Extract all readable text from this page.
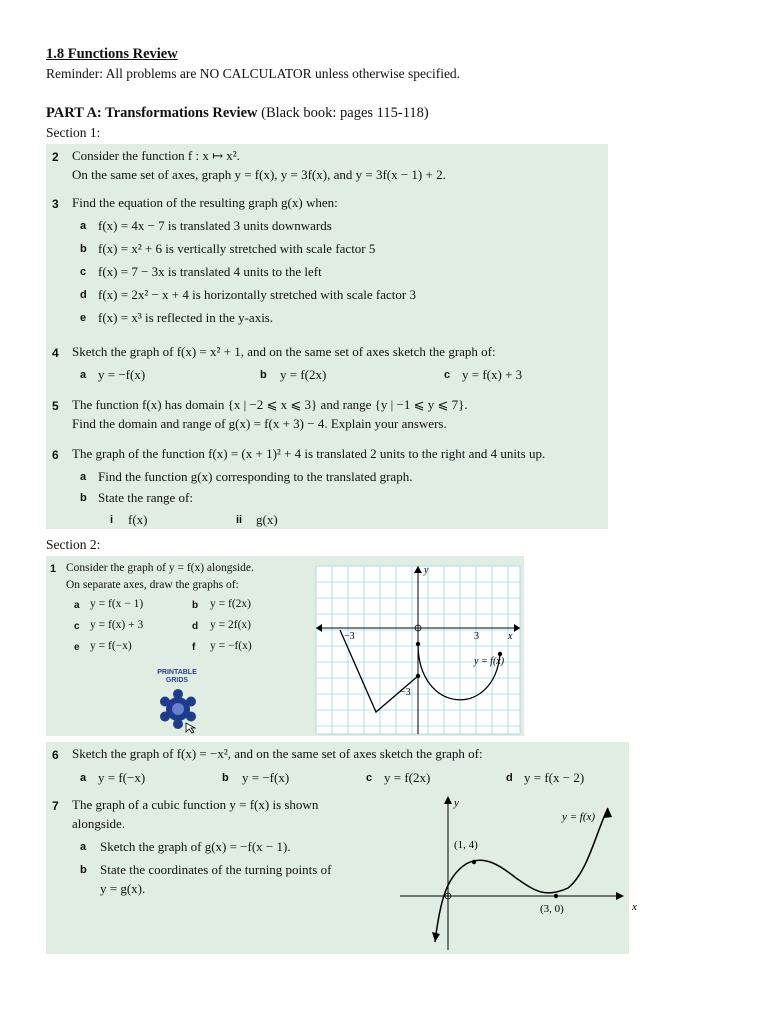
1.8 Functions Review
Reminder: All problems are NO CALCULATOR unless otherwise specified.
PART A: Transformations Review (Black book: pages 115-118)
Section 1:
2 Consider the function f : x ↦ x².
On the same set of axes, graph y = f(x), y = 3f(x), and y = 3f(x − 1) + 2.
3 Find the equation of the resulting graph g(x) when:
a f(x) = 4x − 7 is translated 3 units downwards
b f(x) = x² + 6 is vertically stretched with scale factor 5
c f(x) = 7 − 3x is translated 4 units to the left
d f(x) = 2x² − x + 4 is horizontally stretched with scale factor 3
e f(x) = x³ is reflected in the y-axis.
4 Sketch the graph of f(x) = x² + 1, and on the same set of axes sketch the graph of:
a y = −f(x)	b y = f(2x)	c y = f(x) + 3
5 The function f(x) has domain {x | −2 ⩽ x ⩽ 3} and range {y | −1 ⩽ y ⩽ 7}.
Find the domain and range of g(x) = f(x + 3) − 4. Explain your answers.
6 The graph of the function f(x) = (x + 1)² + 4 is translated 2 units to the right and 4 units up.
a Find the function g(x) corresponding to the translated graph.
b State the range of:
i f(x)	ii g(x)
Section 2:
1 Consider the graph of y = f(x) alongside.
On separate axes, draw the graphs of:
a y = f(x − 1)	b y = f(2x)
c y = f(x) + 3	d y = 2f(x)
e y = f(−x)	f y = −f(x)
PRINTABLE
GRIDS
y
x
−3	3
−3
y = f(x)
6 Sketch the graph of f(x) = −x², and on the same set of axes sketch the graph of:
a y = f(−x)	b y = −f(x)	c y = f(2x)	d y = f(x − 2)
7 The graph of a cubic function y = f(x) is shown
alongside.
a Sketch the graph of g(x) = −f(x − 1).
b State the coordinates of the turning points of
y = g(x).
y
x
y = f(x)
(1, 4)
(3, 0)
